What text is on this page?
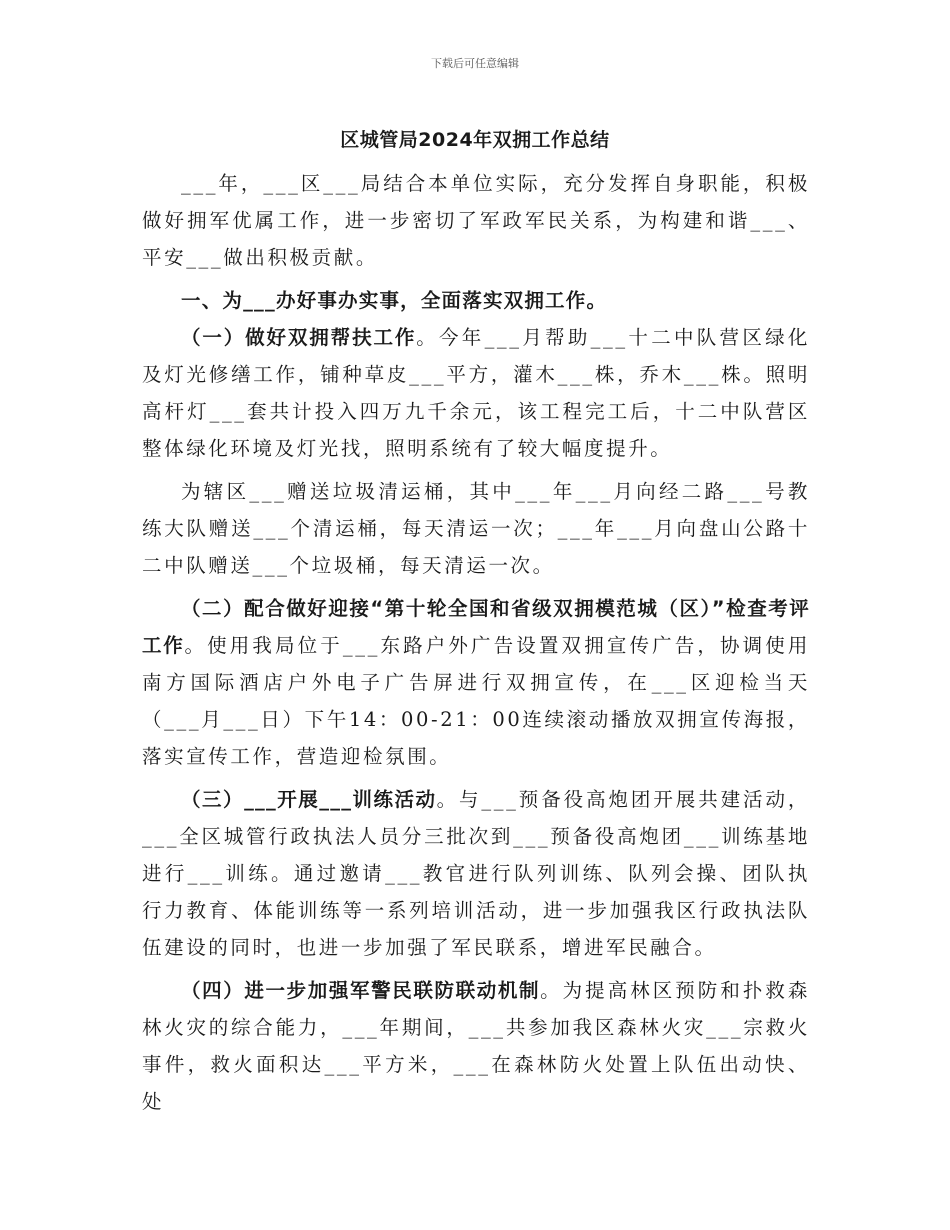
下载后可任意编辑
区城管局2024年双拥工作总结

___年，___区___局结合本单位实际，充分发挥自身职能，积极做好拥军优属工作，进一步密切了军政军民关系，为构建和谐___、平安___做出积极贡献。

一、为___办好事办实事，全面落实双拥工作。

（一）做好双拥帮扶工作。今年___月帮助___十二中队营区绿化及灯光修缮工作，铺种草皮___平方，灌木___株，乔木___株。照明高杆灯___套共计投入四万九千余元，该工程完工后，十二中队营区整体绿化环境及灯光找，照明系统有了较大幅度提升。

为辖区___赠送垃圾清运桶，其中___年___月向经二路___号教练大队赠送___个清运桶，每天清运一次；___年___月向盘山公路十二中队赠送___个垃圾桶，每天清运一次。

（二）配合做好迎接“第十轮全国和省级双拥模范城（区）”检查考评工作。使用我局位于___东路户外广告设置双拥宣传广告，协调使用南方国际酒店户外电子广告屏进行双拥宣传，在___区迎检当天（___月___日）下午14：00-21：00连续滚动播放双拥宣传海报，落实宣传工作，营造迎检氛围。

（三）___开展___训练活动。与___预备役高炮团开展共建活动，___全区城管行政执法人员分三批次到___预备役高炮团___训练基地进行___训练。通过邀请___教官进行队列训练、队列会操、团队执行力教育、体能训练等一系列培训活动，进一步加强我区行政执法队伍建设的同时，也进一步加强了军民联系，增进军民融合。

（四）进一步加强军警民联防联动机制。为提高林区预防和扑救森林火灾的综合能力，___年期间，___共参加我区森林火灾___宗救火事件，救火面积达___平方米，___在森林防火处置上队伍出动快、处
